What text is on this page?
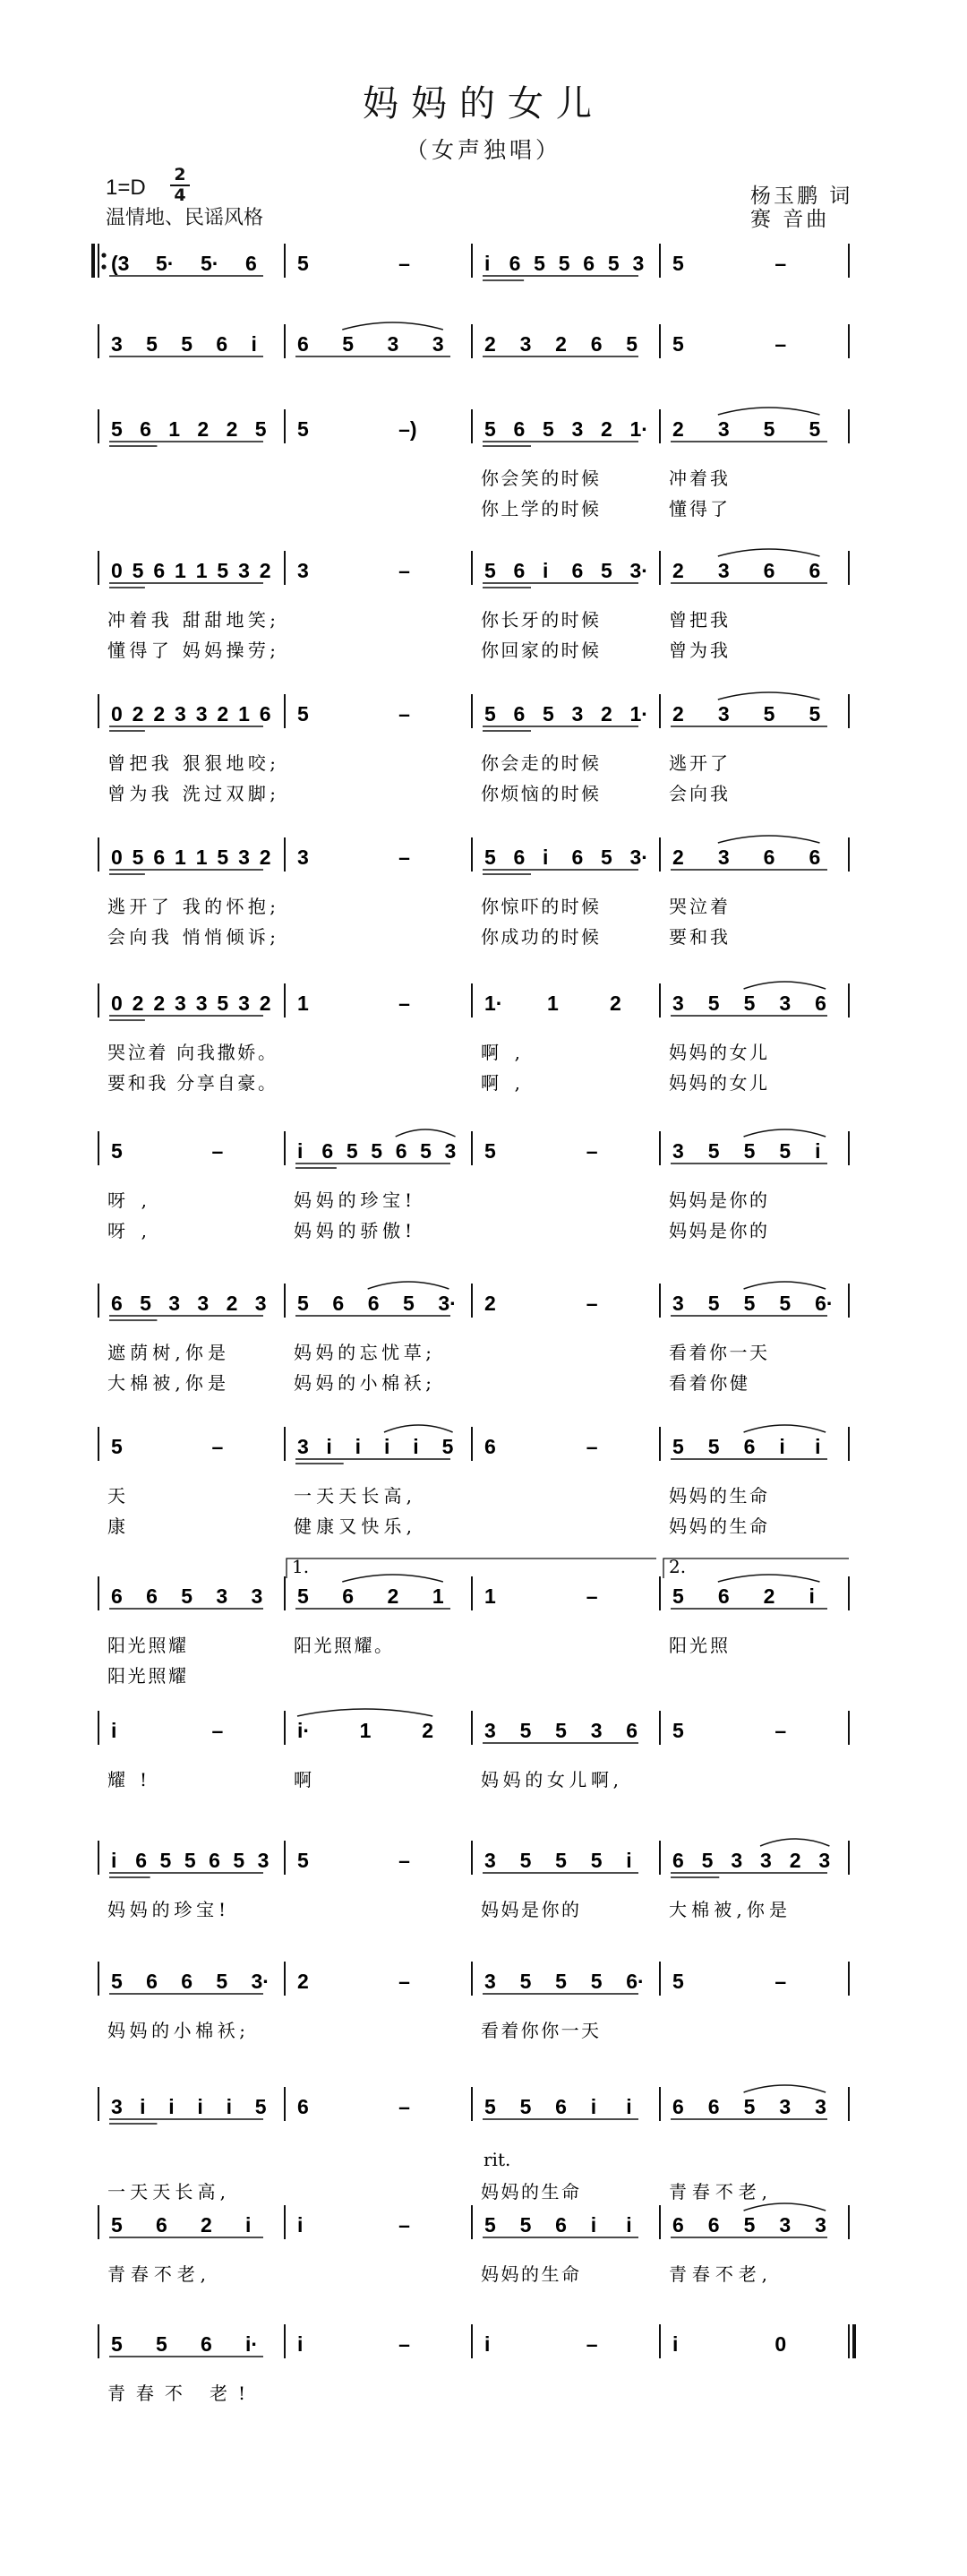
妈妈的女儿
（女声独唱）
1=D
2
4
温情地、民谣风格
杨玉鹏 词
赛 音曲
(3 5· 5· 6 5	–	i 6 5 5 6 5 3 5	–
3 5 5 6 i 6 5 3 3 2 3 2 6 5 5	–
5 6 1 2 2 5 5	–)	5 6 5 3 2 1· 2 3 5 5
你会笑的时候	冲着我
你上学的时候	懂得了
0 5 6 1 1 5 3 2 3	–	5 6 i 6 5 3· 2 3 6 6
冲着我 甜甜地笑;	你长牙的时候	曾把我
懂得了 妈妈操劳;	你回家的时候	曾为我
0 2 2 3 3 2 1 6 5	–	5 6 5 3 2 1· 2 3 5 5
曾把我 狠狠地咬;	你会走的时候	逃开了
曾为我 洗过双脚;	你烦恼的时候	会向我
0 5 6 1 1 5 3 2 3	–	5 6 i 6 5 3· 2 3 6 6
逃开了 我的怀抱;	你惊吓的时候	哭泣着
会向我 悄悄倾诉;	你成功的时候	要和我
0 2 2 3 3 5 3 2 1	–	1· 1 2 3 5 5 3 6
哭泣着 向我撒娇。	啊,	妈妈的女儿
要和我 分享自豪。	啊,	妈妈的女儿
5	–	i 6 5 5 6 5 3 5	–	3 5 5 5 i
呀,	妈妈的珍宝!	妈妈是你的
呀,	妈妈的骄傲!	妈妈是你的
6 5 3 3 2 3 5 6 6 5 3· 2	–	3 5 5 5 6·
遮荫树,你是	妈妈的忘忧草;	看着你一天
大棉被,你是	妈妈的小棉袄;	看着你健
5	–	3 i i i i 5 6	–	5 5 6 i i
天	一天天长高,	妈妈的生命
康	健康又快乐,	妈妈的生命
6 6 5 3 3 5 6 2 1 1	–	5 6 2 i
1.	2.
阳光照耀	阳光照耀。	阳光照
阳光照耀
i	–	i· 1 2 3 5 5 3 6 5	–
耀!	啊	妈妈的女儿啊,
i 6 5 5 6 5 3 5	–	3 5 5 5 i 6 5 3 3 2 3
妈妈的珍宝!	妈妈是你的	大棉被,你是
5 6 6 5 3· 2	–	3 5 5 5 6· 5	–
妈妈的小棉袄;	看着你你一天
3 i i i i 5 6	–	5 5 6 i i 6 6 5 3 3
rit.
一天天长高,	妈妈的生命	青春不老,
5 6 2 i i	–	5 5 6 i i 6 6 5 3 3
青春不老,	妈妈的生命	青春不老,
5 5 6 i· i	–	i	–	i	0
青春不 老!
